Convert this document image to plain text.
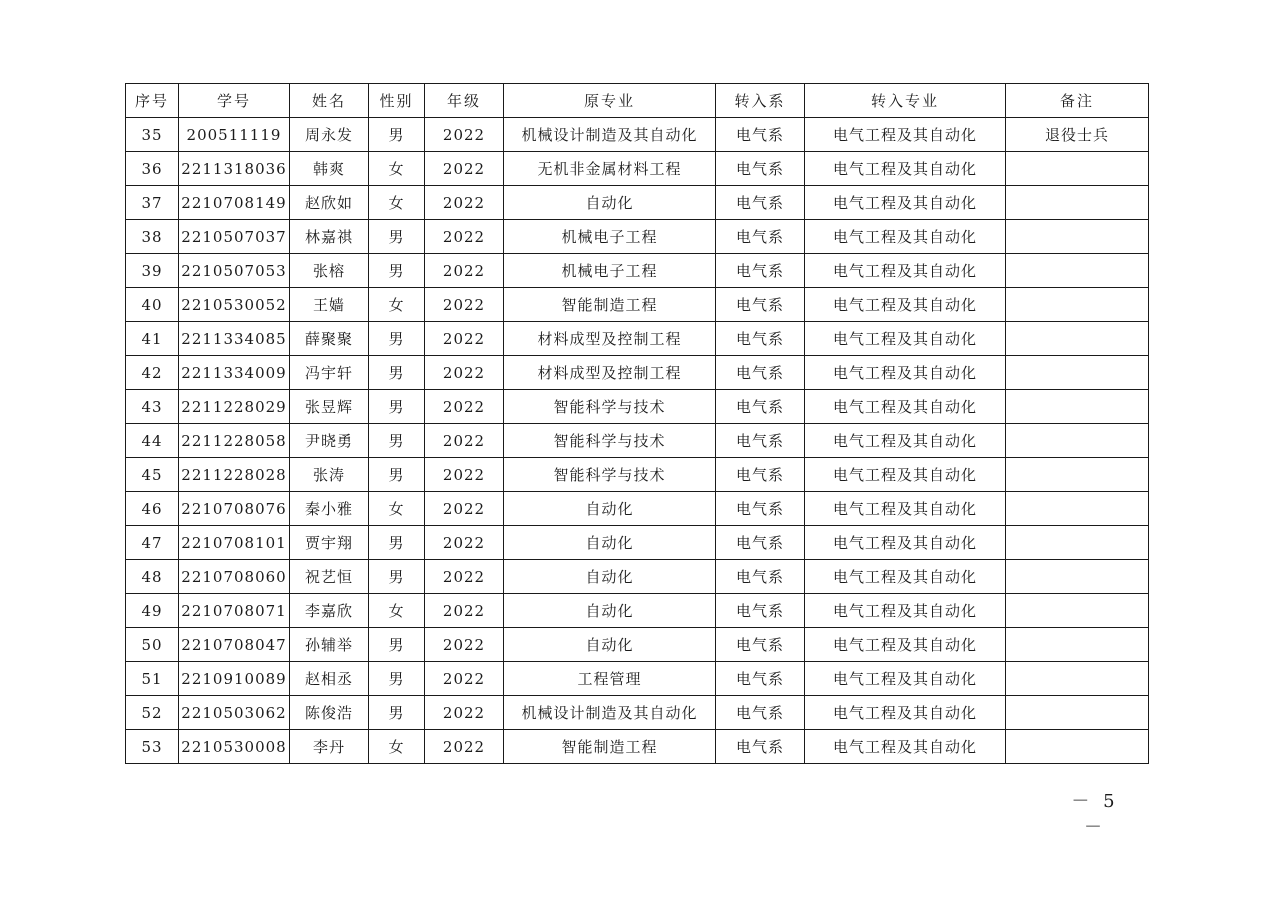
序号	学号	姓名	性别	年级	原专业	转入系	转入专业	备注
35	200511119	周永发	男	2022	机械设计制造及其自动化	电气系	电气工程及其自动化	退役士兵
36	2211318036	韩爽	女	2022	无机非金属材料工程	电气系	电气工程及其自动化	
37	2210708149	赵欣如	女	2022	自动化	电气系	电气工程及其自动化	
38	2210507037	林嘉祺	男	2022	机械电子工程	电气系	电气工程及其自动化	
39	2210507053	张榕	男	2022	机械电子工程	电气系	电气工程及其自动化	
40	2210530052	王嫱	女	2022	智能制造工程	电气系	电气工程及其自动化	
41	2211334085	薛聚聚	男	2022	材料成型及控制工程	电气系	电气工程及其自动化	
42	2211334009	冯宇轩	男	2022	材料成型及控制工程	电气系	电气工程及其自动化	
43	2211228029	张昱辉	男	2022	智能科学与技术	电气系	电气工程及其自动化	
44	2211228058	尹晓勇	男	2022	智能科学与技术	电气系	电气工程及其自动化	
45	2211228028	张涛	男	2022	智能科学与技术	电气系	电气工程及其自动化	
46	2210708076	秦小雅	女	2022	自动化	电气系	电气工程及其自动化	
47	2210708101	贾宇翔	男	2022	自动化	电气系	电气工程及其自动化	
48	2210708060	祝艺恒	男	2022	自动化	电气系	电气工程及其自动化	
49	2210708071	李嘉欣	女	2022	自动化	电气系	电气工程及其自动化	
50	2210708047	孙辅举	男	2022	自动化	电气系	电气工程及其自动化	
51	2210910089	赵相丞	男	2022	工程管理	电气系	电气工程及其自动化	
52	2210503062	陈俊浩	男	2022	机械设计制造及其自动化	电气系	电气工程及其自动化	
53	2210530008	李丹	女	2022	智能制造工程	电气系	电气工程及其自动化	
－ 5 －
